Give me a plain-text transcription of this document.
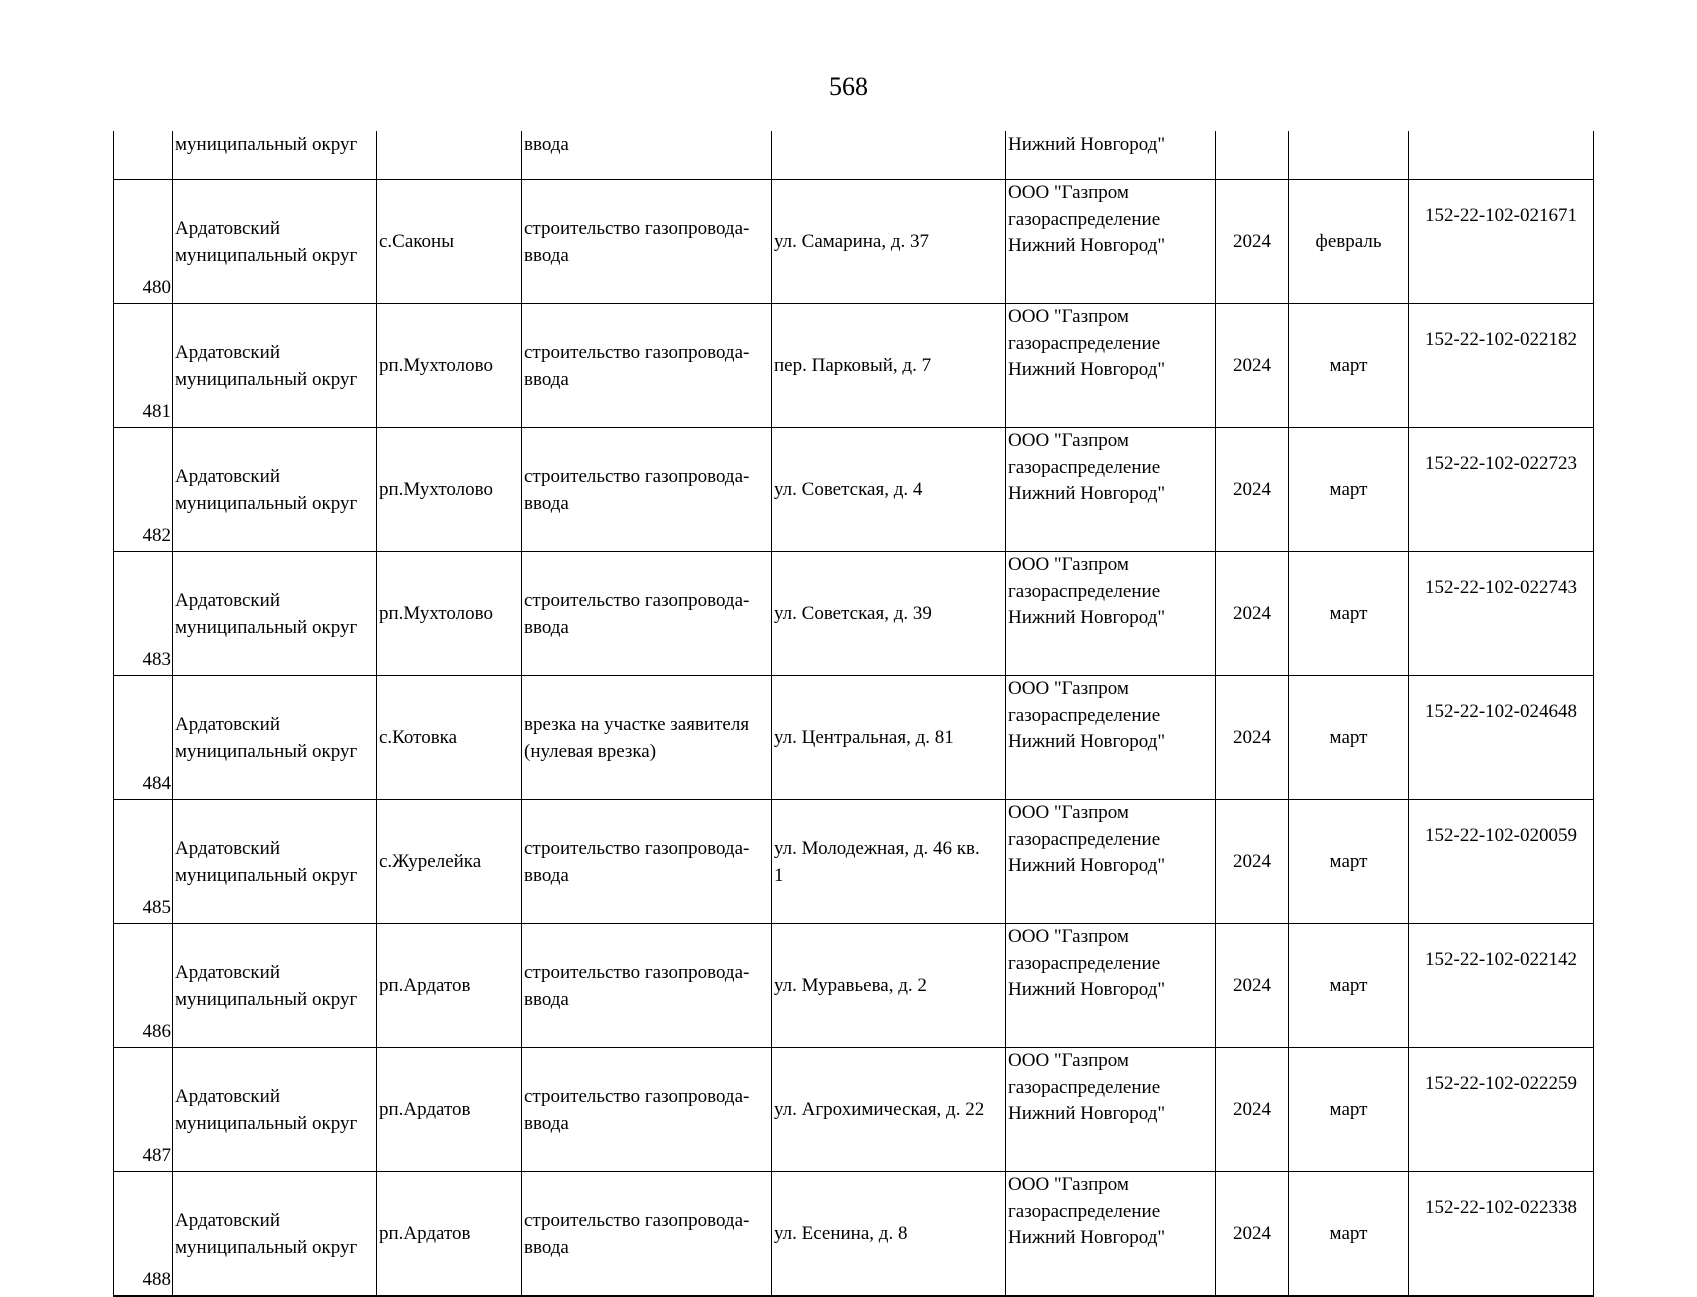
568
	муниципальный округ		ввода		Нижний Новгород"			

480	Ардатовский
муниципальный округ	с.Саконы	строительство газопровода-
ввода	ул. Самарина, д. 37	ООО "Газпром
газораспределение
Нижний Новгород"	2024	февраль	152-22-102-021671

481	Ардатовский
муниципальный округ	рп.Мухтолово	строительство газопровода-
ввода	пер. Парковый, д. 7	ООО "Газпром
газораспределение
Нижний Новгород"	2024	март	152-22-102-022182

482	Ардатовский
муниципальный округ	рп.Мухтолово	строительство газопровода-
ввода	ул. Советская, д. 4	ООО "Газпром
газораспределение
Нижний Новгород"	2024	март	152-22-102-022723

483	Ардатовский
муниципальный округ	рп.Мухтолово	строительство газопровода-
ввода	ул. Советская, д. 39	ООО "Газпром
газораспределение
Нижний Новгород"	2024	март	152-22-102-022743

484	Ардатовский
муниципальный округ	с.Котовка	врезка на участке заявителя
(нулевая врезка)	ул. Центральная, д. 81	ООО "Газпром
газораспределение
Нижний Новгород"	2024	март	152-22-102-024648

485	Ардатовский
муниципальный округ	с.Журелейка	строительство газопровода-
ввода	ул. Молодежная, д. 46 кв.
1	ООО "Газпром
газораспределение
Нижний Новгород"	2024	март	152-22-102-020059

486	Ардатовский
муниципальный округ	рп.Ардатов	строительство газопровода-
ввода	ул. Муравьева, д. 2	ООО "Газпром
газораспределение
Нижний Новгород"	2024	март	152-22-102-022142

487	Ардатовский
муниципальный округ	рп.Ардатов	строительство газопровода-
ввода	ул. Агрохимическая, д. 22	ООО "Газпром
газораспределение
Нижний Новгород"	2024	март	152-22-102-022259

488	Ардатовский
муниципальный округ	рп.Ардатов	строительство газопровода-
ввода	ул. Есенина, д. 8	ООО "Газпром
газораспределение
Нижний Новгород"	2024	март	152-22-102-022338
